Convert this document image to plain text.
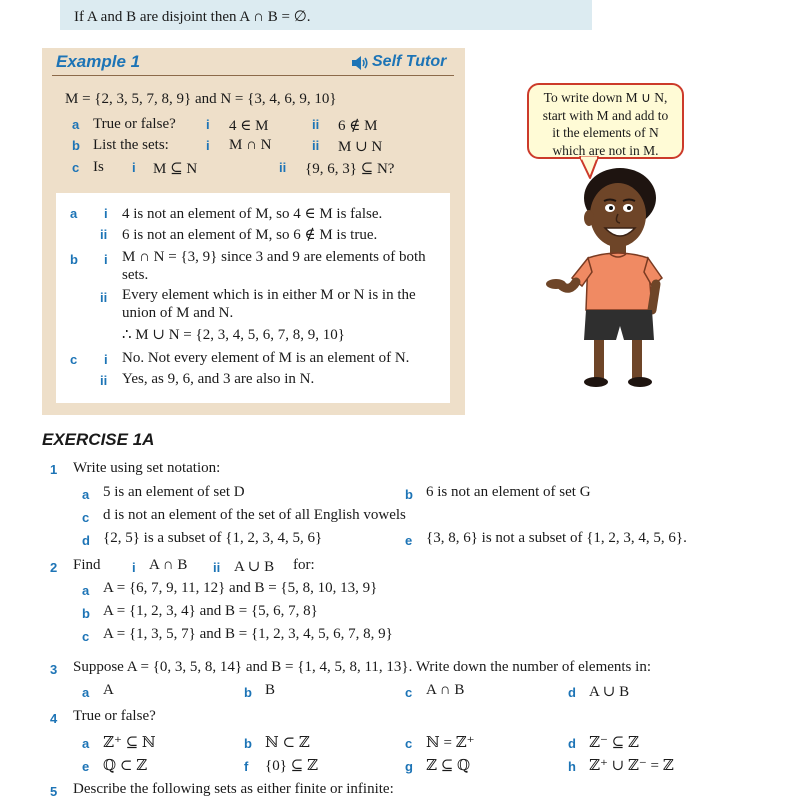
If A and B are disjoint then A ∩ B = ∅.
Example 1	Self Tutor
M = {2, 3, 5, 7, 8, 9} and N = {3, 4, 6, 9, 10}
a True or false? i 4 ∈ M	ii 6 ∉ M
b List the sets:	i M ∩ N	ii M ∪ N
c Is i M ⊆ N	ii {9, 6, 3} ⊆ N?
a i 4 is not an element of M, so 4 ∈ M is false.
ii 6 is not an element of M, so 6 ∉ M is true.
b i M ∩ N = {3, 9} since 3 and 9 are elements of both
sets.
ii Every element which is in either M or N is in the
union of M and N.
∴ M ∪ N = {2, 3, 4, 5, 6, 7, 8, 9, 10}
c i No. Not every element of M is an element of N.
ii Yes, as 9, 6, and 3 are also in N.
To write down M ∪ N,
start with M and add to
it the elements of N
which are not in M.
EXERCISE 1A
1 Write using set notation:
a 5 is an element of set D	b 6 is not an element of set G
c d is not an element of the set of all English vowels
d {2, 5} is a subset of {1, 2, 3, 4, 5, 6}	e {3, 8, 6} is not a subset of {1, 2, 3, 4, 5, 6}.
2 Find i A ∩ B ii A ∪ B for:
a A = {6, 7, 9, 11, 12} and B = {5, 8, 10, 13, 9}
b A = {1, 2, 3, 4} and B = {5, 6, 7, 8}
c A = {1, 3, 5, 7} and B = {1, 2, 3, 4, 5, 6, 7, 8, 9}
3 Suppose A = {0, 3, 5, 8, 14} and B = {1, 4, 5, 8, 11, 13}. Write down the number of elements in:
a A	b B	c A ∩ B	d A ∪ B
4 True or false?
a ℤ⁺ ⊆ ℕ	b ℕ ⊂ ℤ	c ℕ = ℤ⁺	d ℤ⁻ ⊆ ℤ
e ℚ ⊂ ℤ	f {0} ⊆ ℤ	g ℤ ⊆ ℚ	h ℤ⁺ ∪ ℤ⁻ = ℤ
5 Describe the following sets as either finite or infinite:
